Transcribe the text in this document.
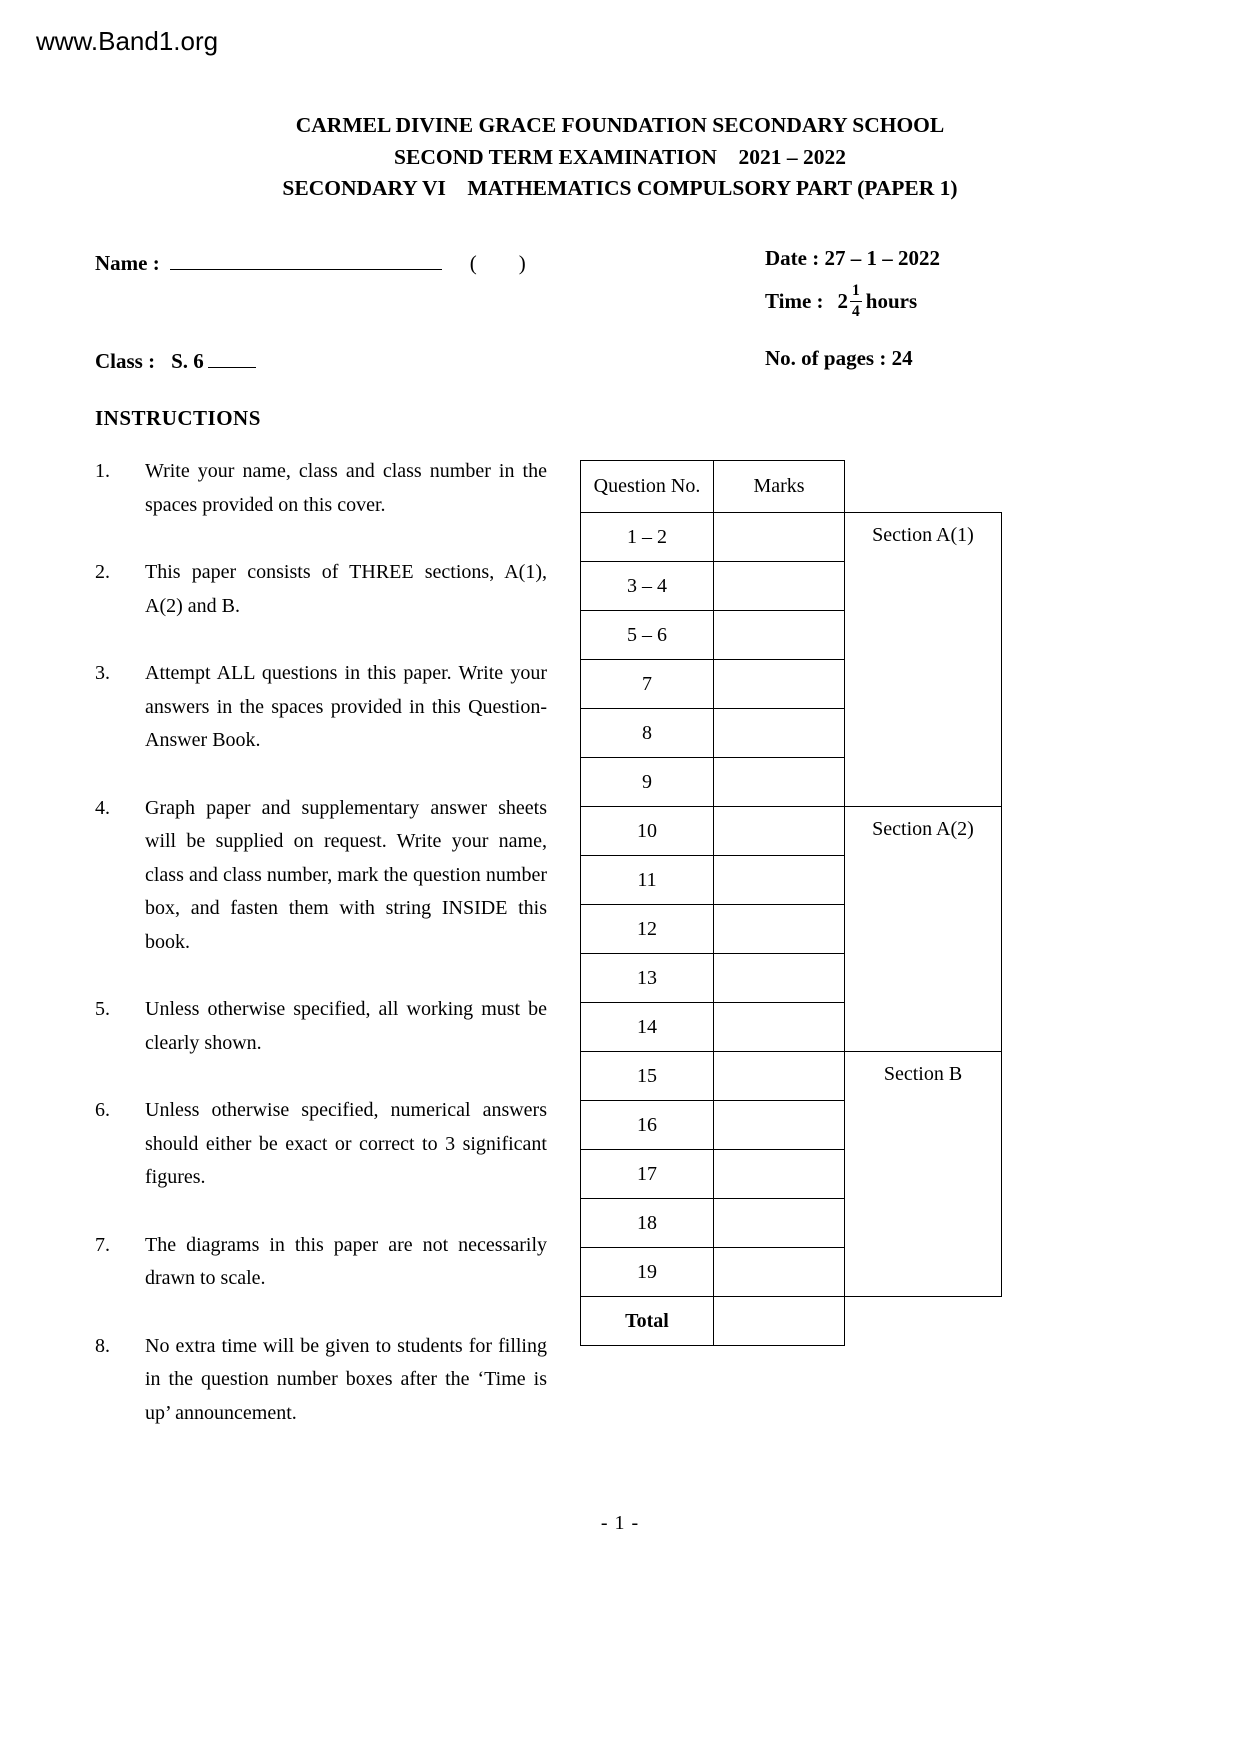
www.Band1.org
CARMEL DIVINE GRACE FOUNDATION SECONDARY SCHOOL
SECOND TERM EXAMINATION    2021 – 2022
SECONDARY VI    MATHEMATICS COMPULSORY PART (PAPER 1)
Name :	( )	Date : 27 – 1 – 2022
Time : $2 \frac{1}{4}$ hours
Class : S. 6	No. of pages : 24
INSTRUCTIONS
1.	Write your name, class and class number in the spaces provided on this cover.
2.	This paper consists of THREE sections, A(1), A(2) and B.
3.	Attempt ALL questions in this paper. Write your answers in the spaces provided in this Question-Answer Book.
4.	Graph paper and supplementary answer sheets will be supplied on request. Write your name, class and class number, mark the question number box, and fasten them with string INSIDE this book.
5.	Unless otherwise specified, all working must be clearly shown.
6.	Unless otherwise specified, numerical answers should either be exact or correct to 3 significant figures.
7.	The diagrams in this paper are not necessarily drawn to scale.
8.	No extra time will be given to students for filling in the question number boxes after the ‘Time is up’ announcement.
Question No.	Marks	
1 – 2		Section A(1)
3 – 4		
5 – 6		
7		
8		
9		
10		Section A(2)
11		
12		
13		
14		
15		Section B
16		
17		
18		
19		
Total		
- 1 -
